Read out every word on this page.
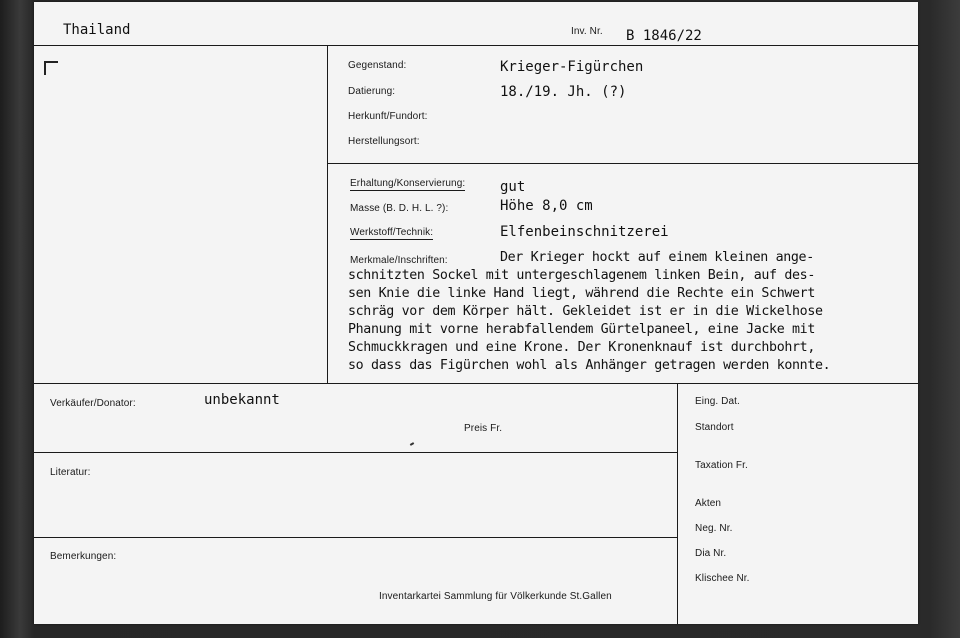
Thailand	Inv. Nr. B 1846/22
Gegenstand:	Krieger-Figürchen
Datierung:	18./19. Jh. (?)
Herkunft/Fundort:
Herstellungsort:
Erhaltung/Konservierung: gut
Masse (B. D. H. L. ?):	Höhe 8,0 cm
Werkstoff/Technik:	Elfenbeinschnitzerei
Merkmale/Inschriften:	Der Krieger hockt auf einem kleinen ange-
schnitzten Sockel mit untergeschlagenem linken Bein, auf des-
sen Knie die linke Hand liegt, während die Rechte ein Schwert
schräg vor dem Körper hält. Gekleidet ist er in die Wickelhose
Phanung mit vorne herabfallendem Gürtelpaneel, eine Jacke mit
Schmuckkragen und eine Krone. Der Kronenknauf ist durchbohrt,
so dass das Figürchen wohl als Anhänger getragen werden konnte.
Verkäufer/Donator:	unbekannt
Preis Fr.
Literatur:
Bemerkungen:
Inventarkartei Sammlung für Völkerkunde St.Gallen
Eing. Dat.
Standort
Taxation Fr.
Akten
Neg. Nr.
Dia Nr.
Klischee Nr.
